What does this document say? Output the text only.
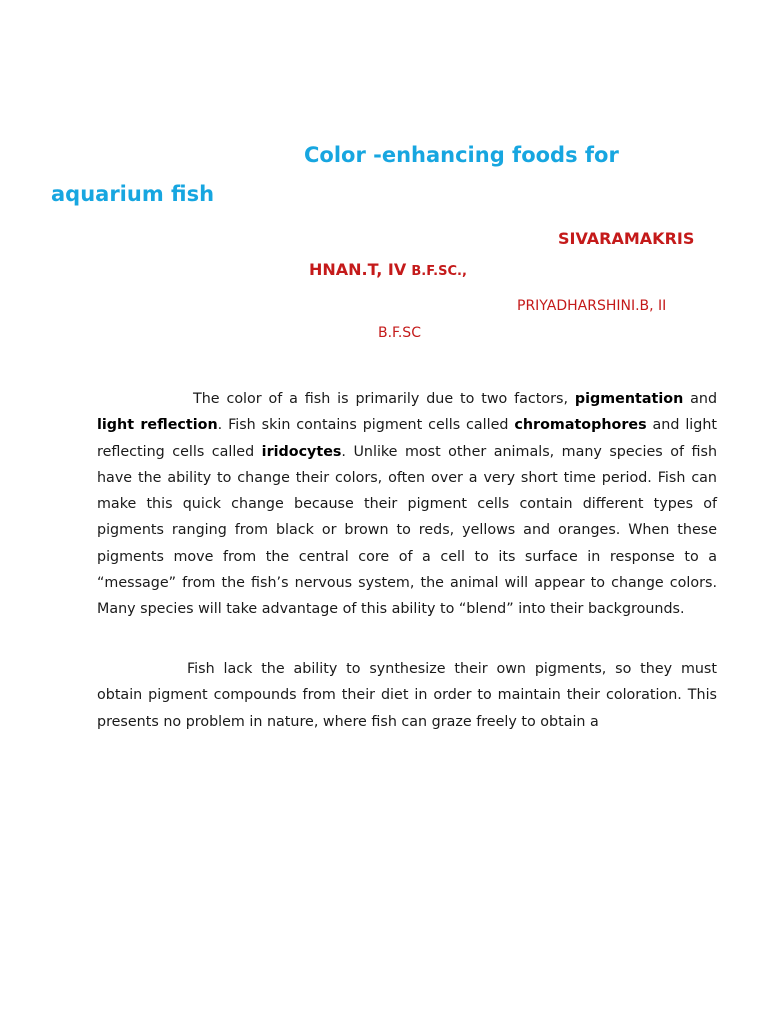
Color -enhancing foods for
aquarium fish
SIVARAMAKRIS
HNAN.T, IV B.F.SC.,
PRIYADHARSHINI.B, II
B.F.SC
The color of a fish is primarily due to two factors, pigmentation and light reflection. Fish skin contains pigment cells called chromatophores and light reflecting cells called iridocytes. Unlike most other animals, many species of fish have the ability to change their colors, often over a very short time period. Fish can make this quick change because their pigment cells contain different types of pigments ranging from black or brown to reds, yellows and oranges. When these pigments move from the central core of a cell to its surface in response to a “message” from the fish’s nervous system, the animal will appear to change colors. Many species will take advantage of this ability to “blend” into their backgrounds.
Fish lack the ability to synthesize their own pigments, so they must obtain pigment compounds from their diet in order to maintain their coloration. This presents no problem in nature, where fish can graze freely to obtain a
